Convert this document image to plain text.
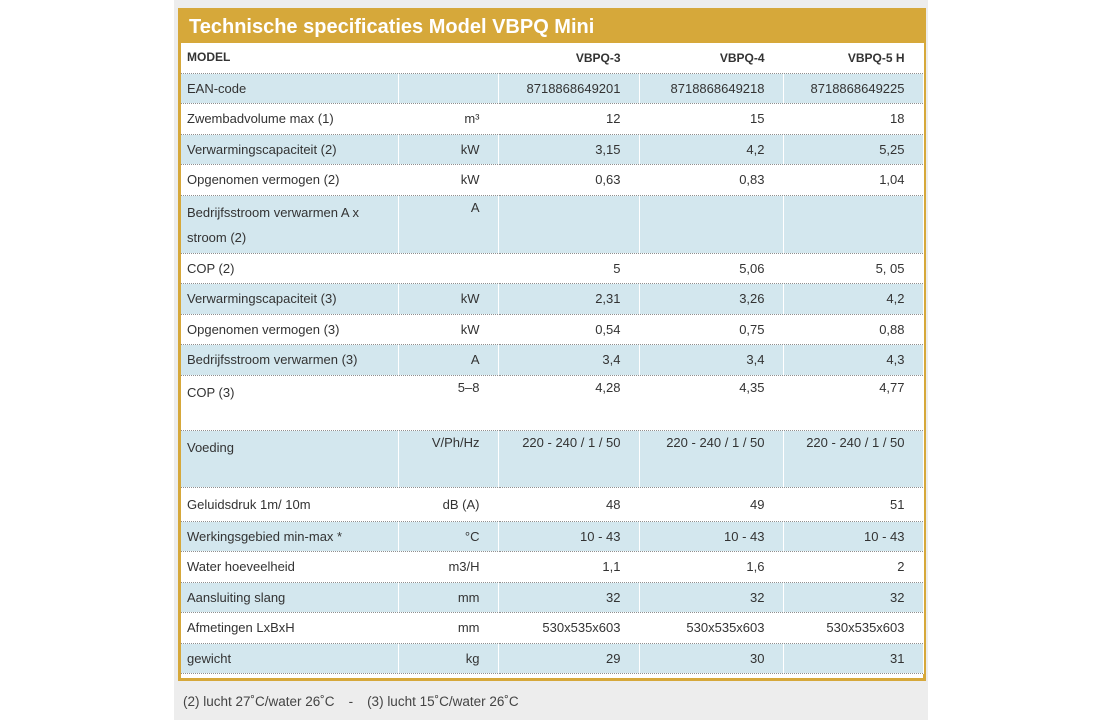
Technische specificaties Model VBPQ Mini
MODEL		VBPQ-3	VBPQ-4	VBPQ-5 H
EAN-code		8718868649201	8718868649218	8718868649225
Zwembadvolume max (1)	m³	12	15	18
Verwarmingscapaciteit (2)	kW	3,15	4,2	5,25
Opgenomen vermogen (2)	kW	0,63	0,83	1,04
Bedrijfsstroom verwarmen A x stroom (2)	A			
COP (2)		5	5,06	5, 05
Verwarmingscapaciteit (3)	kW	2,31	3,26	4,2
Opgenomen vermogen (3)	kW	0,54	0,75	0,88
Bedrijfsstroom verwarmen (3)	A	3,4	3,4	4,3
COP (3)	5–8	4,28	4,35	4,77
Voeding	V/Ph/Hz	220 - 240 / 1 / 50	220 - 240 / 1 / 50	220 - 240 / 1 / 50
Geluidsdruk 1m/ 10m	dB (A)	48	49	51
Werkingsgebied min-max *	°C	10 - 43	10 - 43	10 - 43
Water hoeveelheid	m3/H	1,1	1,6	2
Aansluiting slang	mm	32	32	32
Afmetingen LxBxH	mm	530x535x603	530x535x603	530x535x603
gewicht	kg	29	30	31
(2) lucht 27˚C/water 26˚C - (3) lucht 15˚C/water 26˚C
